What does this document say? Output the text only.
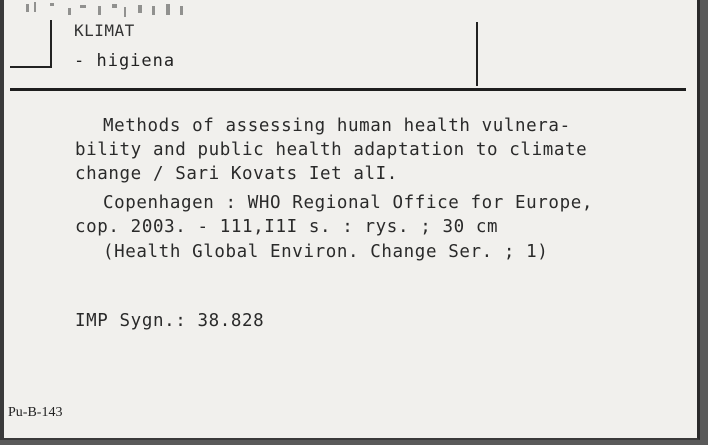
KLIMAT
- higiena
Methods of assessing human health vulnera-
bility and public health adaptation to climate
change / Sari Kovats Iet alI.
Copenhagen : WHO Regional Office for Europe,
cop. 2003. - 111,I1I s. : rys. ; 30 cm
(Health Global Environ. Change Ser. ; 1)
IMP Sygn.: 38.828
Pu-B-143
